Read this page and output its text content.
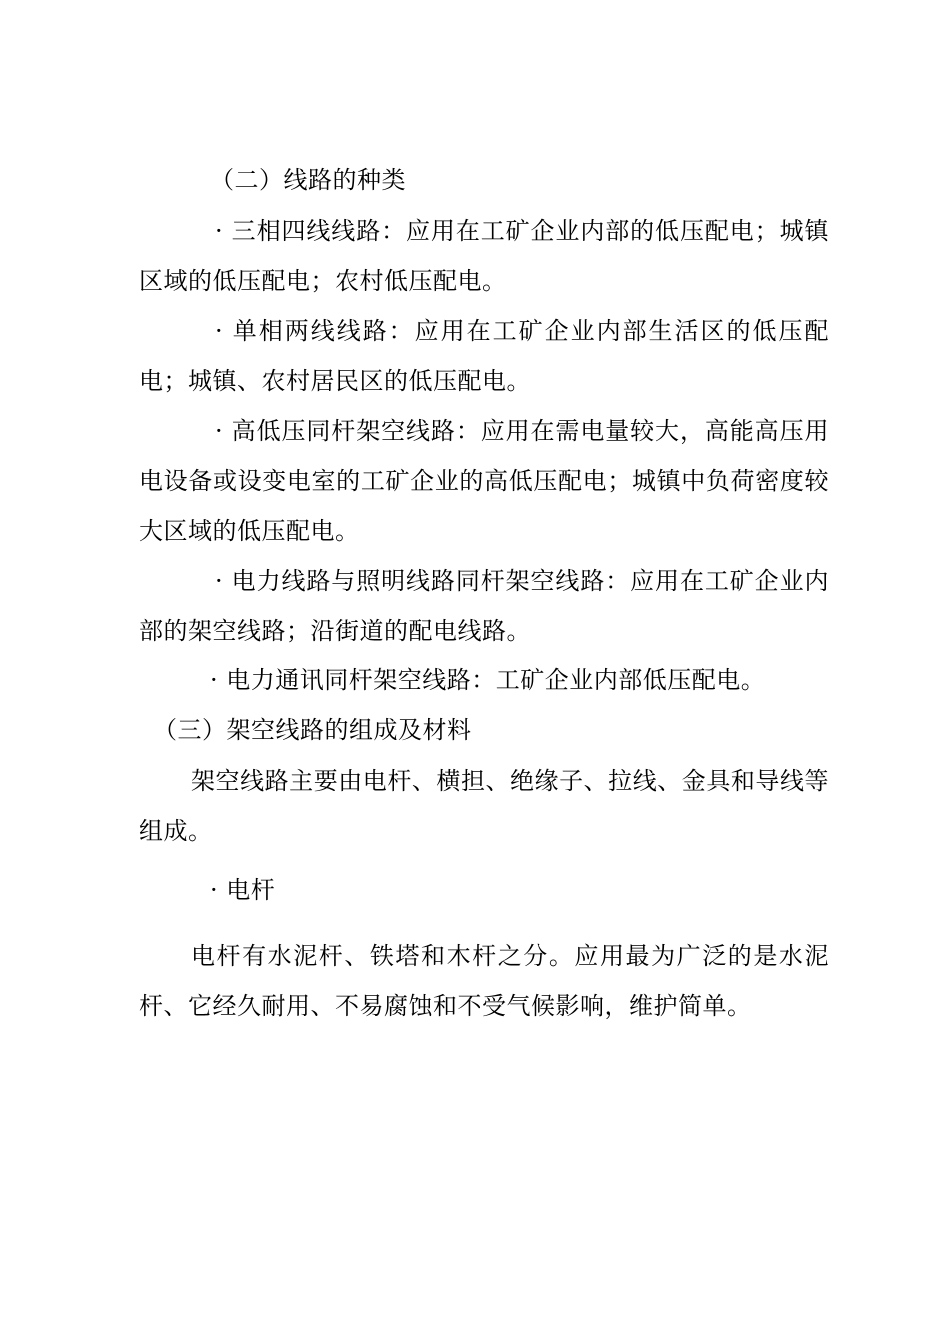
（二）线路的种类
· 三相四线线路：应用在工矿企业内部的低压配电；城镇区域的低压配电；农村低压配电。
· 单相两线线路：应用在工矿企业内部生活区的低压配电；城镇、农村居民区的低压配电。
· 高低压同杆架空线路：应用在需电量较大，高能高压用电设备或设变电室的工矿企业的高低压配电；城镇中负荷密度较大区域的低压配电。
· 电力线路与照明线路同杆架空线路：应用在工矿企业内部的架空线路；沿街道的配电线路。
· 电力通讯同杆架空线路：工矿企业内部低压配电。
（三）架空线路的组成及材料
架空线路主要由电杆、横担、绝缘子、拉线、金具和导线等组成。
· 电杆
电杆有水泥杆、铁塔和木杆之分。应用最为广泛的是水泥杆、它经久耐用、不易腐蚀和不受气候影响，维护简单。
